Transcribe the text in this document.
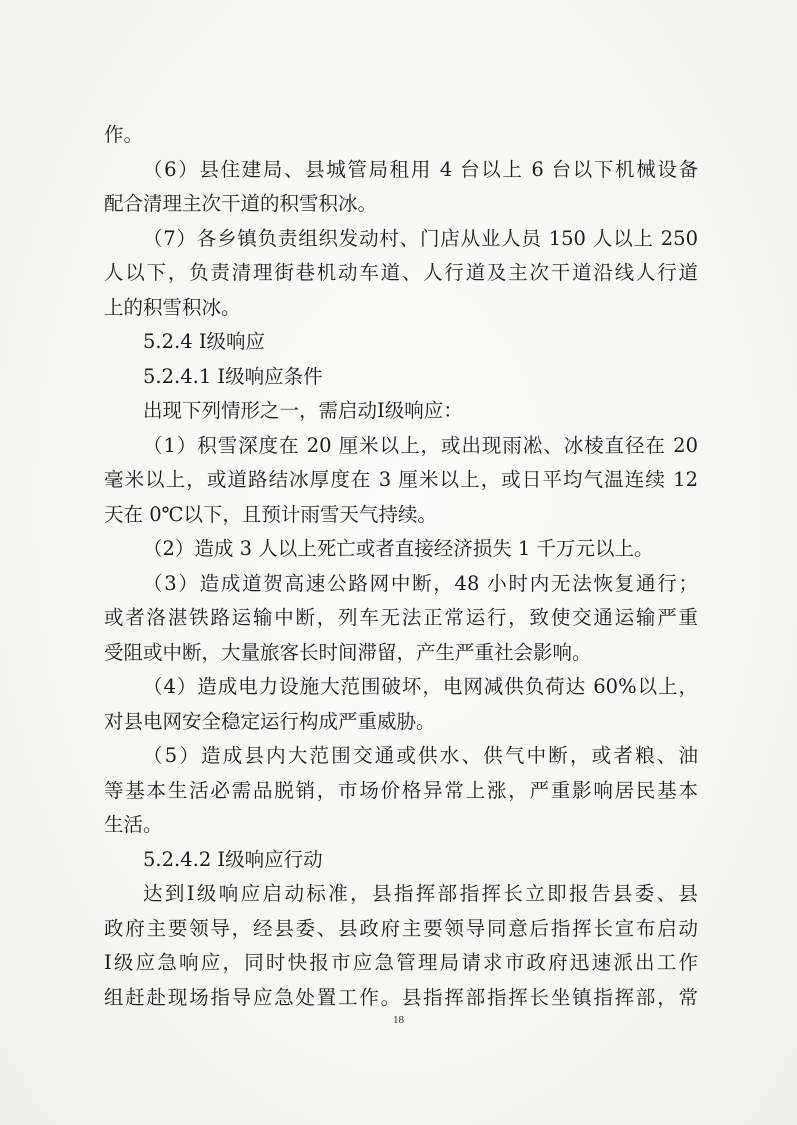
作。
（6）县住建局、县城管局租用 4 台以上 6 台以下机械设备
配合清理主次干道的积雪积冰。
（7）各乡镇负责组织发动村、门店从业人员 150 人以上 250
人以下，负责清理街巷机动车道、人行道及主次干道沿线人行道
上的积雪积冰。
5.2.4 Ⅰ级响应
5.2.4.1 Ⅰ级响应条件
出现下列情形之一，需启动Ⅰ级响应：
（1）积雪深度在 20 厘米以上，或出现雨凇、冰棱直径在 20
毫米以上，或道路结冰厚度在 3 厘米以上，或日平均气温连续 12
天在 0℃以下，且预计雨雪天气持续。
（2）造成 3 人以上死亡或者直接经济损失 1 千万元以上。
（3）造成道贺高速公路网中断，48 小时内无法恢复通行；
或者洛湛铁路运输中断，列车无法正常运行，致使交通运输严重
受阻或中断，大量旅客长时间滞留，产生严重社会影响。
（4）造成电力设施大范围破坏，电网减供负荷达 60%以上，
对县电网安全稳定运行构成严重威胁。
（5）造成县内大范围交通或供水、供气中断，或者粮、油
等基本生活必需品脱销，市场价格异常上涨，严重影响居民基本
生活。
5.2.4.2 Ⅰ级响应行动
达到Ⅰ级响应启动标准，县指挥部指挥长立即报告县委、县
政府主要领导，经县委、县政府主要领导同意后指挥长宣布启动
Ⅰ级应急响应，同时快报市应急管理局请求市政府迅速派出工作
组赶赴现场指导应急处置工作。县指挥部指挥长坐镇指挥部，常
18
